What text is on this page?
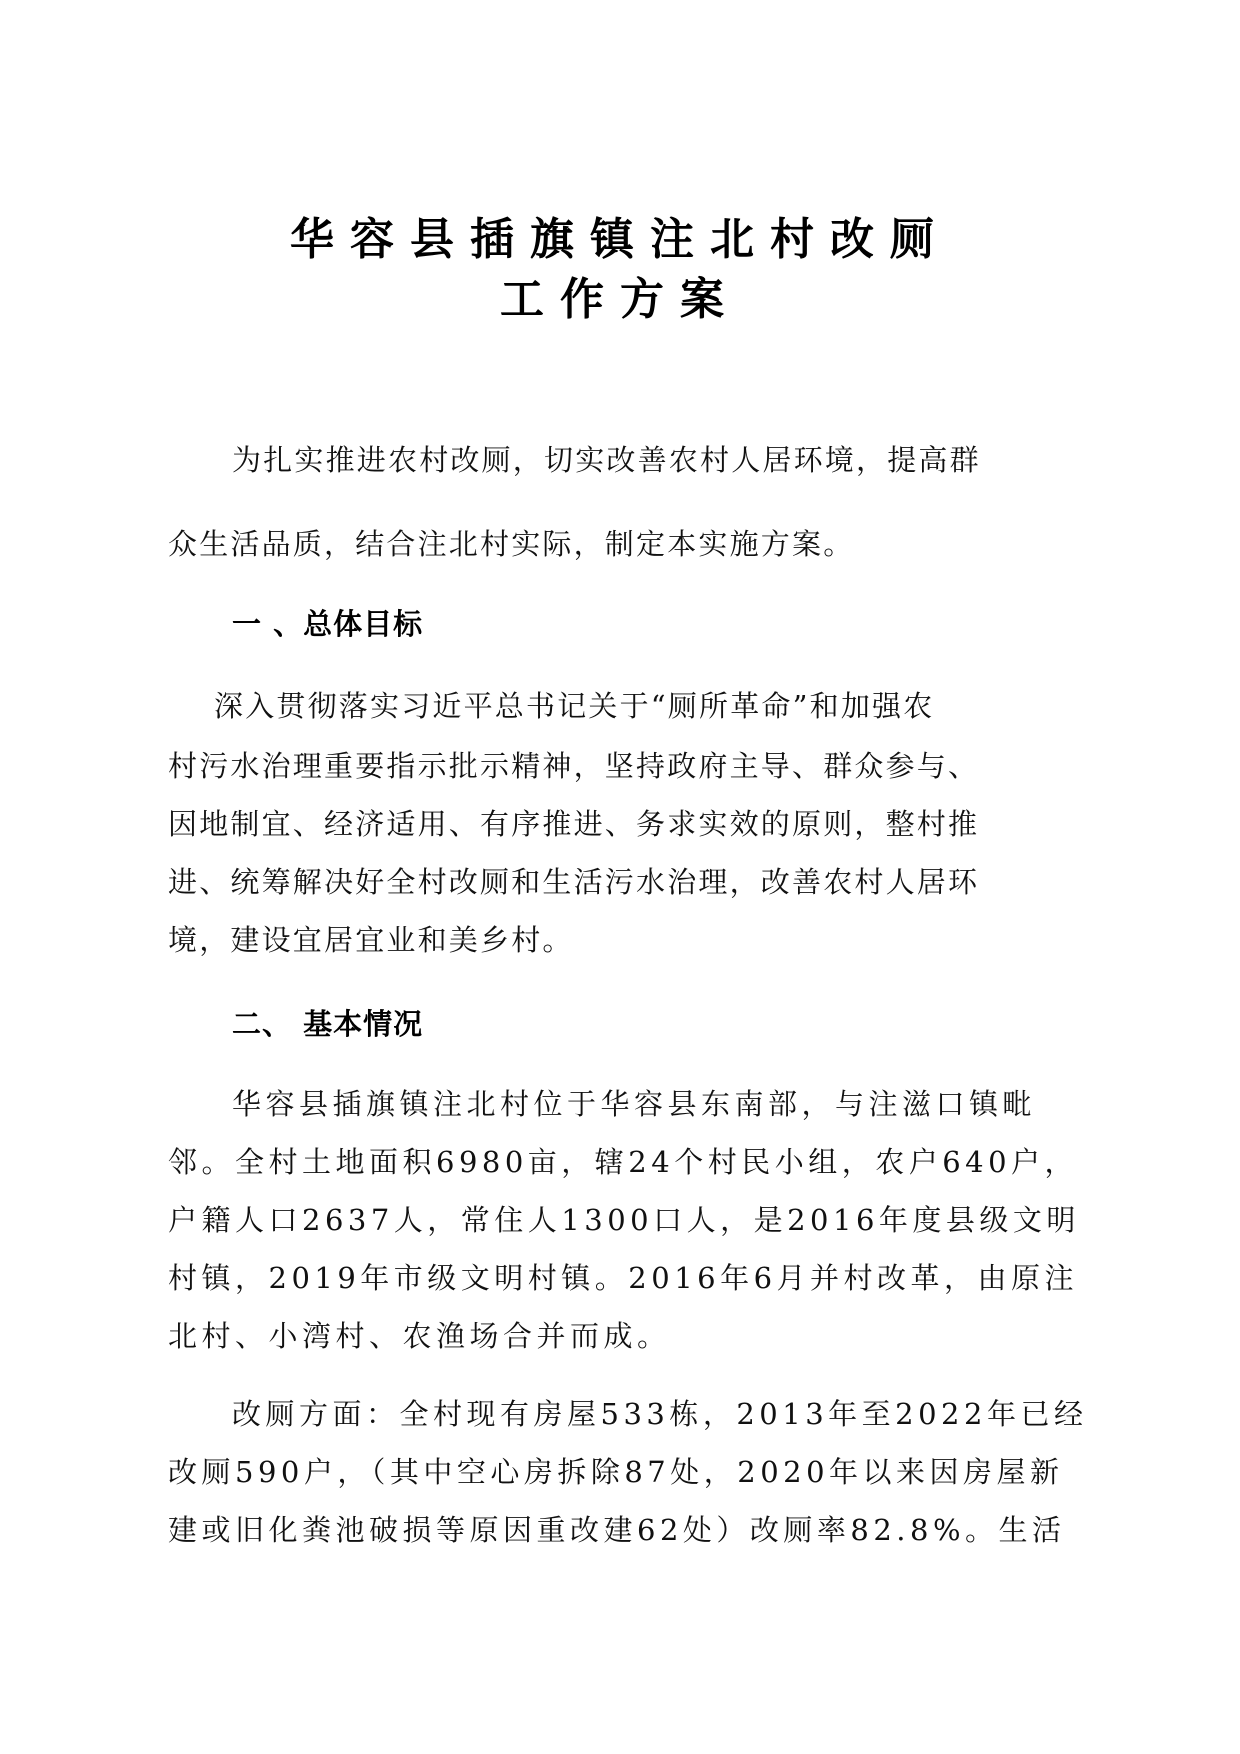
华容县插旗镇注北村改厕
工作方案
为扎实推进农村改厕，切实改善农村人居环境，提高群
众生活品质，结合注北村实际，制定本实施方案。
一 、总体目标
深入贯彻落实习近平总书记关于“厕所革命”和加强农
村污水治理重要指示批示精神，坚持政府主导、群众参与、
因地制宜、经济适用、有序推进、务求实效的原则，整村推
进、统筹解决好全村改厕和生活污水治理，改善农村人居环
境，建设宜居宜业和美乡村。
二、 基本情况
华容县插旗镇注北村位于华容县东南部，与注滋口镇毗
邻。全村土地面积6980亩，辖24个村民小组，农户640户，
户籍人口2637人，常住人1300口人，是2016年度县级文明
村镇，2019年市级文明村镇。2016年6月并村改革，由原注
北村、小湾村、农渔场合并而成。
改厕方面：全村现有房屋533栋，2013年至2022年已经
改厕590户，（其中空心房拆除87处，2020年以来因房屋新
建或旧化粪池破损等原因重改建62处）改厕率82.8%。生活
